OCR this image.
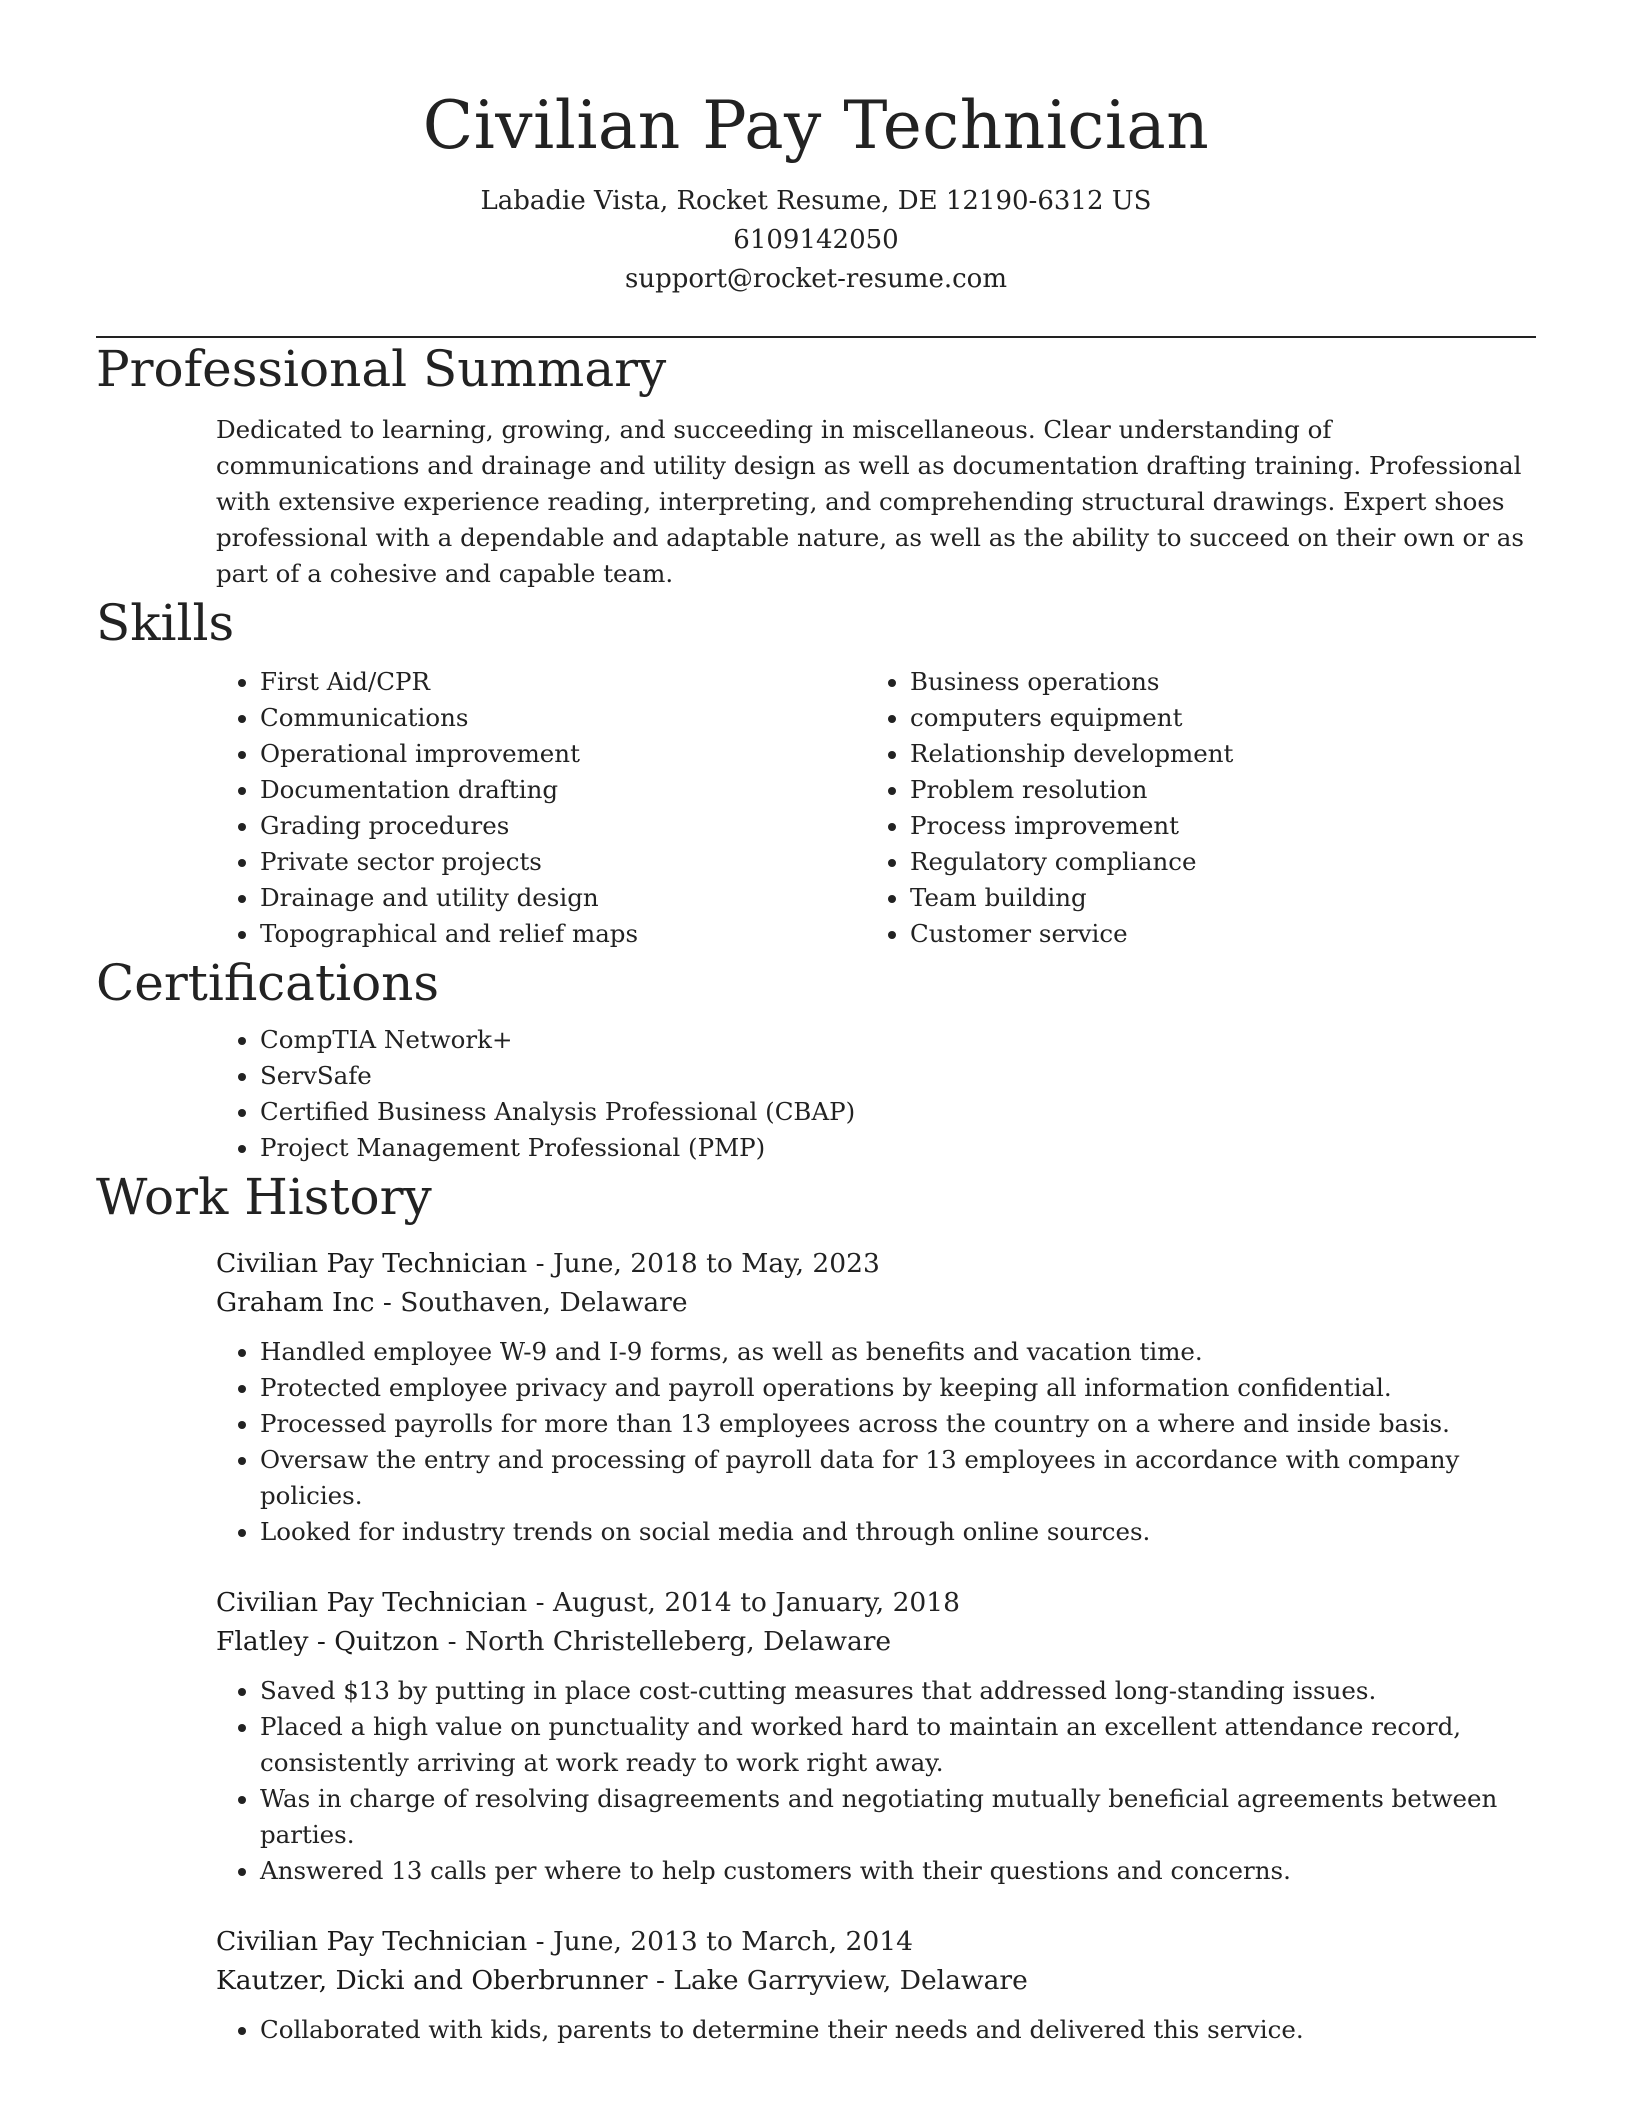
Civilian Pay Technician

Labadie Vista, Rocket Resume, DE 12190-6312 US

6109142050

support@rocket-resume.com

Professional Summary

Dedicated to learning, growing, and succeeding in miscellaneous. Clear understanding of communications and drainage and utility design as well as documentation drafting training. Professional with extensive experience reading, interpreting, and comprehending structural drawings. Expert shoes professional with a dependable and adaptable nature, as well as the ability to succeed on their own or as part of a cohesive and capable team.

Skills
• First Aid/CPR
• Communications
• Operational improvement
• Documentation drafting
• Grading procedures
• Private sector projects
• Drainage and utility design
• Topographical and relief maps
• Business operations
• computers equipment
• Relationship development
• Problem resolution
• Process improvement
• Regulatory compliance
• Team building
• Customer service
Certifications
• CompTIA Network+
• ServSafe
• Certified Business Analysis Professional (CBAP)
• Project Management Professional (PMP)
Work History

Civilian Pay Technician - June, 2018 to May, 2023

Graham Inc - Southaven, Delaware

• Handled employee W-9 and I-9 forms, as well as benefits and vacation time.
• Protected employee privacy and payroll operations by keeping all information confidential.
• Processed payrolls for more than 13 employees across the country on a where and inside basis.
• Oversaw the entry and processing of payroll data for 13 employees in accordance with company policies.
• Looked for industry trends on social media and through online sources.

Civilian Pay Technician - August, 2014 to January, 2018

Flatley - Quitzon - North Christelleberg, Delaware

• Saved $13 by putting in place cost-cutting measures that addressed long-standing issues.
• Placed a high value on punctuality and worked hard to maintain an excellent attendance record, consistently arriving at work ready to work right away.
• Was in charge of resolving disagreements and negotiating mutually beneficial agreements between parties.
• Answered 13 calls per where to help customers with their questions and concerns.

Civilian Pay Technician - June, 2013 to March, 2014

Kautzer, Dicki and Oberbrunner - Lake Garryview, Delaware

• Collaborated with kids, parents to determine their needs and delivered this service.
